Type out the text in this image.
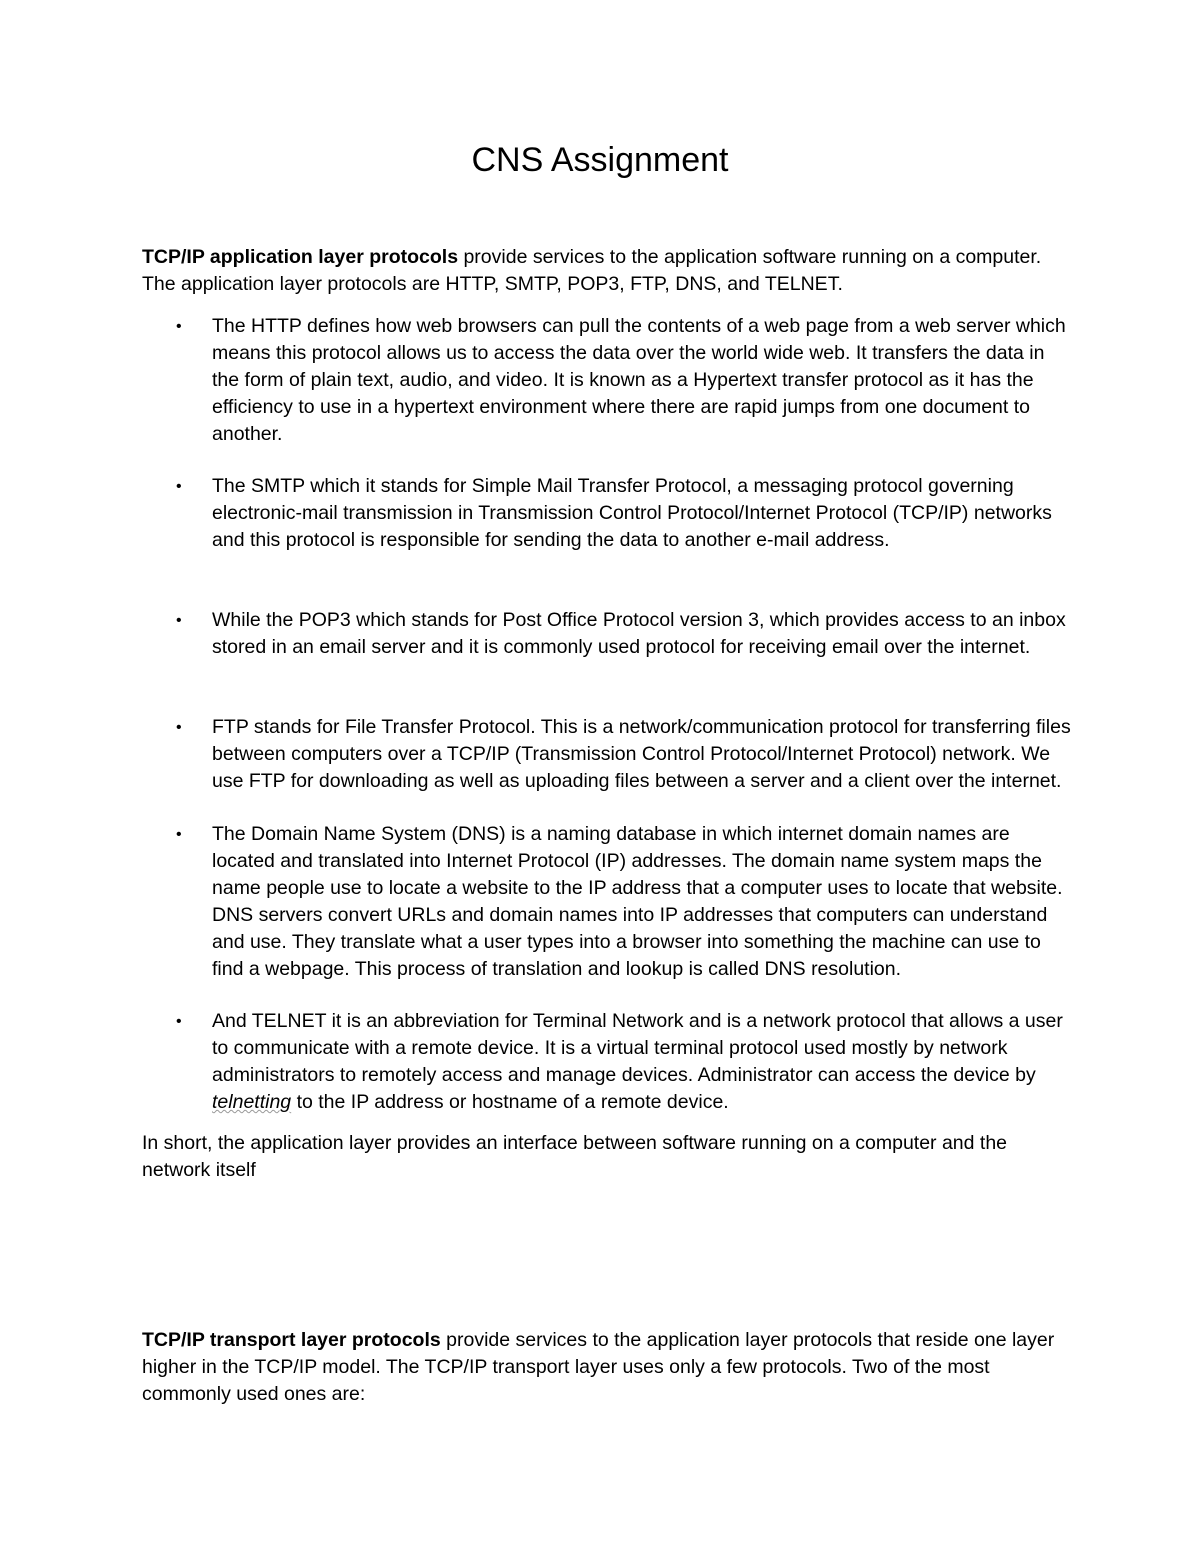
CNS Assignment

TCP/IP application layer protocols provide services to the application software running on a computer. The application layer protocols are HTTP, SMTP, POP3, FTP, DNS, and TELNET.

• The HTTP defines how web browsers can pull the contents of a web page from a web server which means this protocol allows us to access the data over the world wide web. It transfers the data in the form of plain text, audio, and video. It is known as a Hypertext transfer protocol as it has the efficiency to use in a hypertext environment where there are rapid jumps from one document to another.
• The SMTP which it stands for Simple Mail Transfer Protocol, a messaging protocol governing electronic-mail transmission in Transmission Control Protocol/Internet Protocol (TCP/IP) networks and this protocol is responsible for sending the data to another e-mail address.
• While the POP3 which stands for Post Office Protocol version 3, which provides access to an inbox stored in an email server and it is commonly used protocol for receiving email over the internet.
• FTP stands for File Transfer Protocol. This is a network/communication protocol for transferring files between computers over a TCP/IP (Transmission Control Protocol/Internet Protocol) network. We use FTP for downloading as well as uploading files between a server and a client over the internet.
• The Domain Name System (DNS) is a naming database in which internet domain names are located and translated into Internet Protocol (IP) addresses. The domain name system maps the name people use to locate a website to the IP address that a computer uses to locate that website. DNS servers convert URLs and domain names into IP addresses that computers can understand and use. They translate what a user types into a browser into something the machine can use to find a webpage. This process of translation and lookup is called DNS resolution.
• And TELNET it is an abbreviation for Terminal Network and is a network protocol that allows a user to communicate with a remote device. It is a virtual terminal protocol used mostly by network administrators to remotely access and manage devices. Administrator can access the device by telnetting to the IP address or hostname of a remote device.

In short, the application layer provides an interface between software running on a computer and the network itself

TCP/IP transport layer protocols provide services to the application layer protocols that reside one layer higher in the TCP/IP model. The TCP/IP transport layer uses only a few protocols. Two of the most commonly used ones are:
